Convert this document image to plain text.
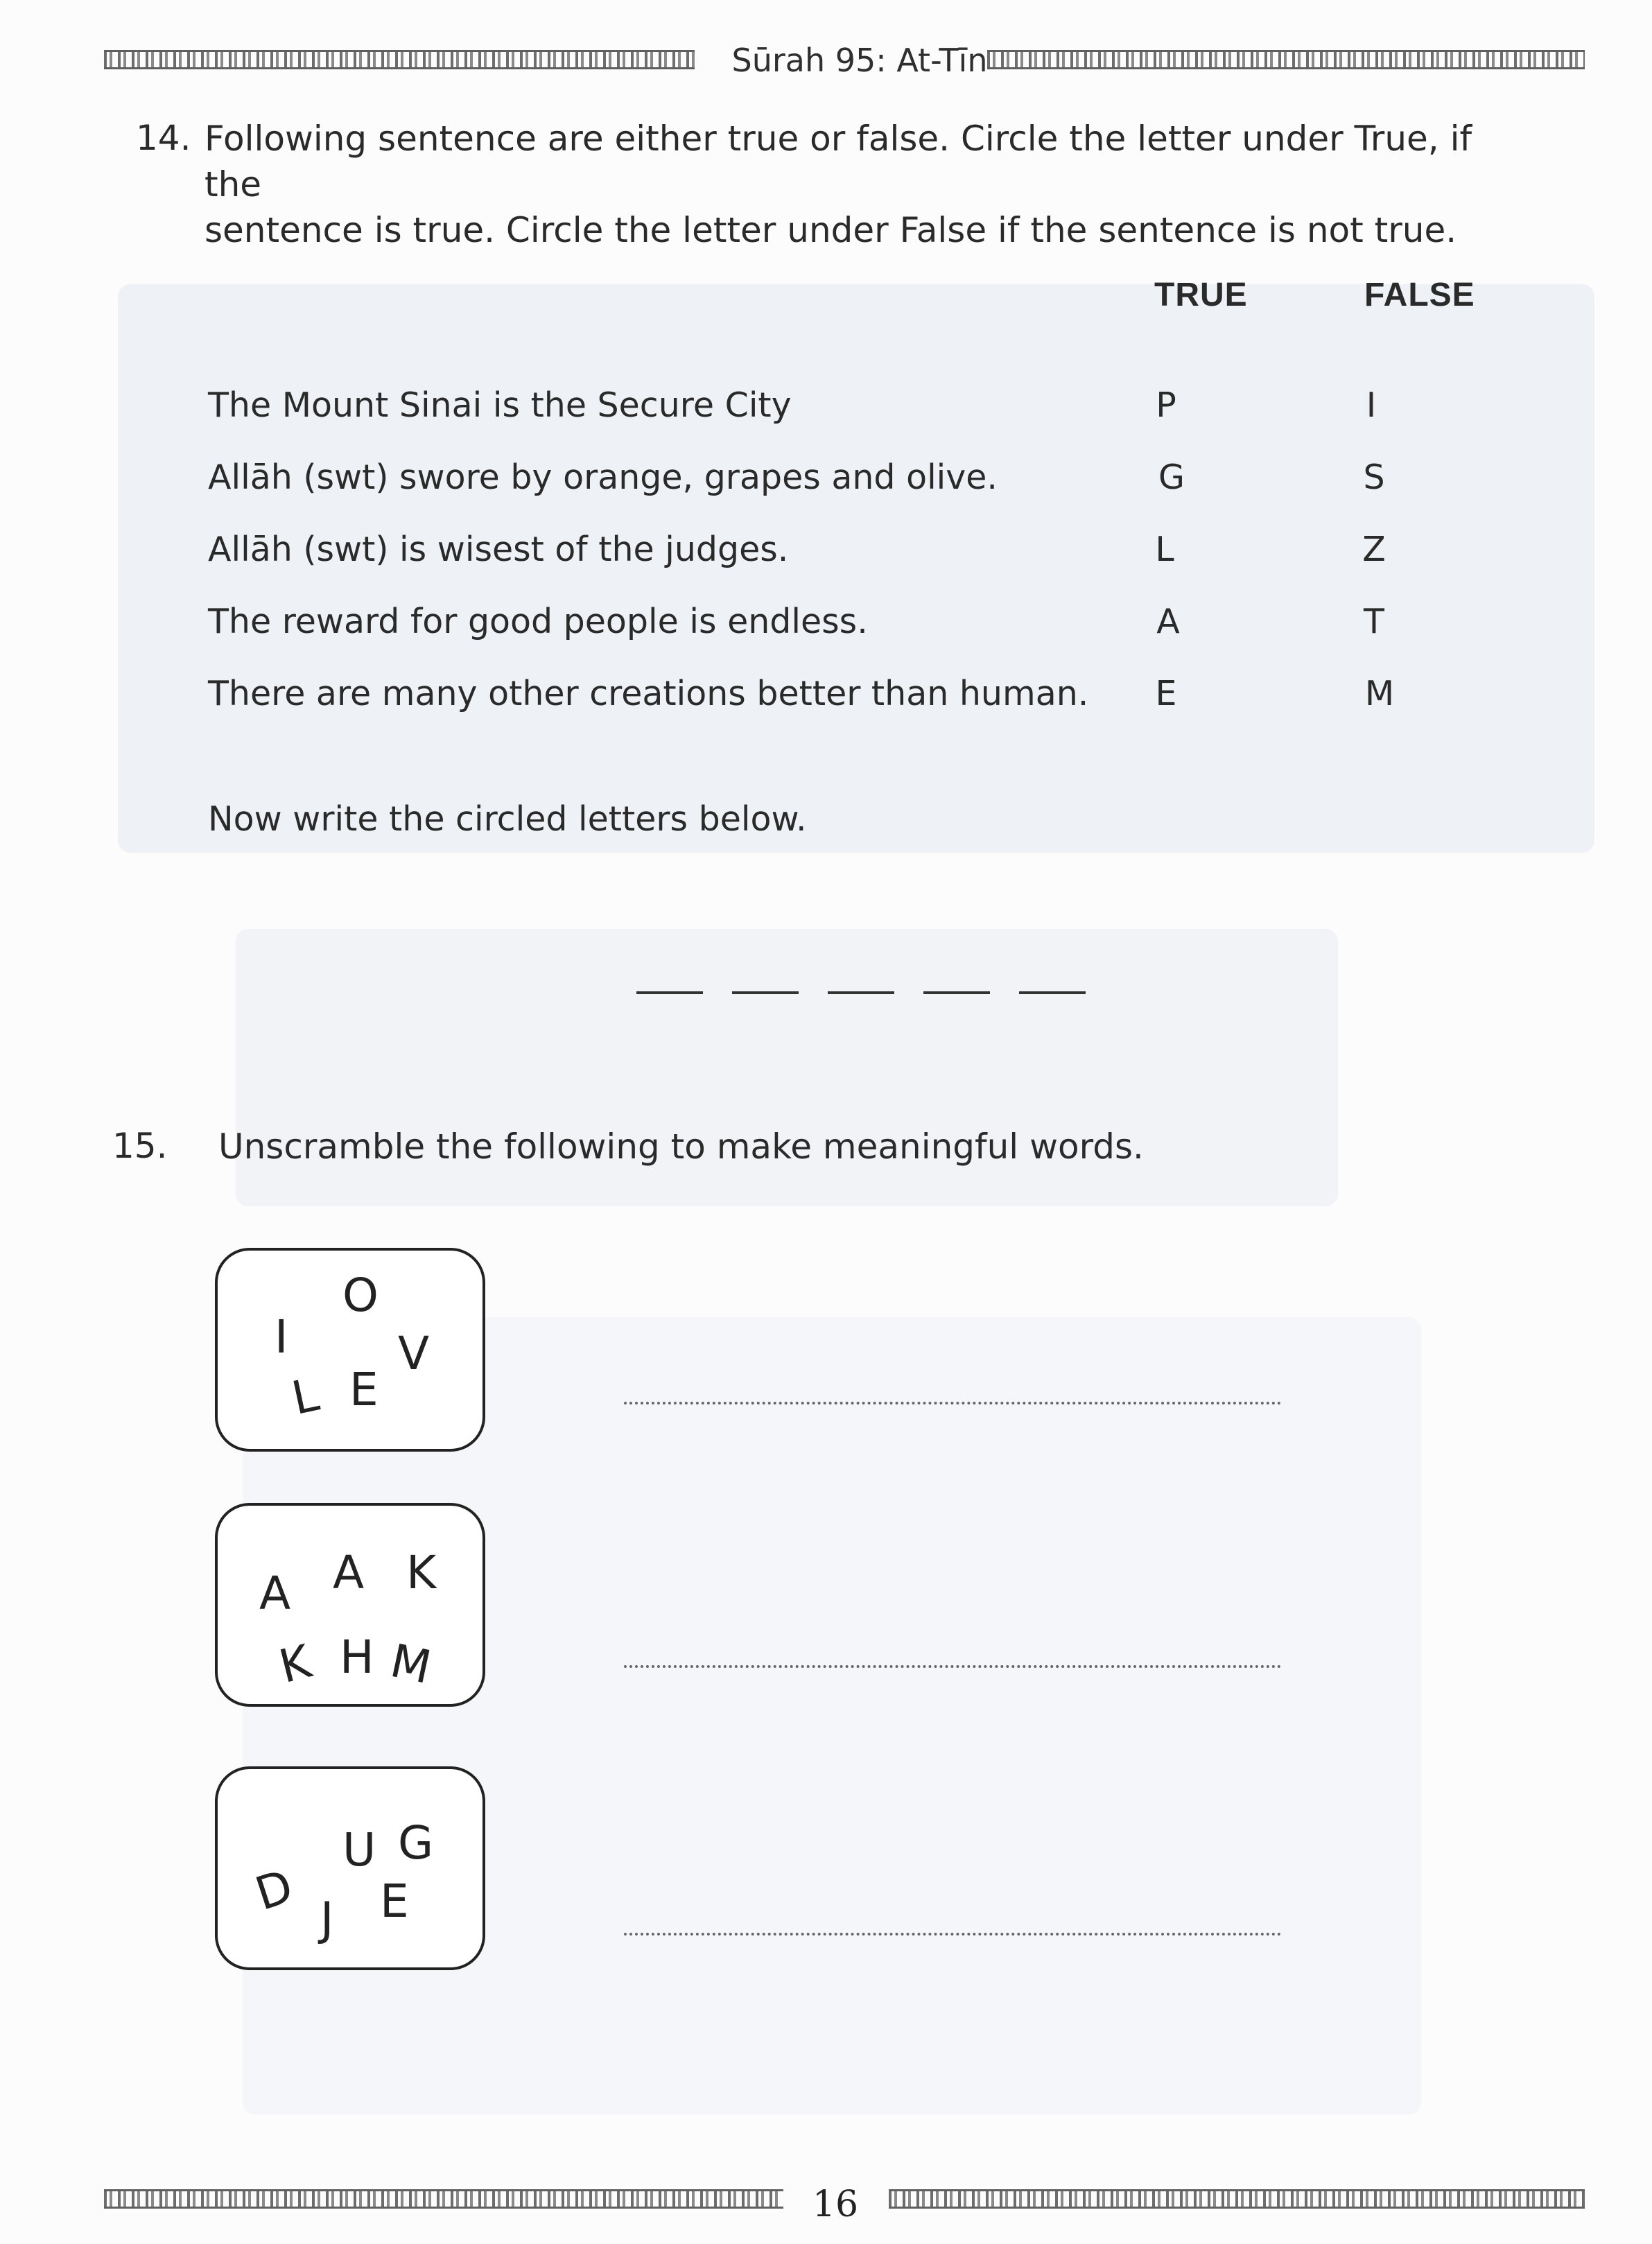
Sūrah 95: At-Tīn
14. Following sentence are either true or false. Circle the letter under True, if the
sentence is true. Circle the letter under False if the sentence is not true.
TRUE	FALSE
The Mount Sinai is the Secure City	P	I
Allāh (swt) swore by orange, grapes and olive.	G	S
Allāh (swt) is wisest of the judges.	L	Z
The reward for good people is endless.	A	T
There are many other creations better than human. E	M
Now write the circled letters below.
15. Unscramble the following to make meaningful words.
I
O
V
L E
A A K
K H M
U G
D J E
16
